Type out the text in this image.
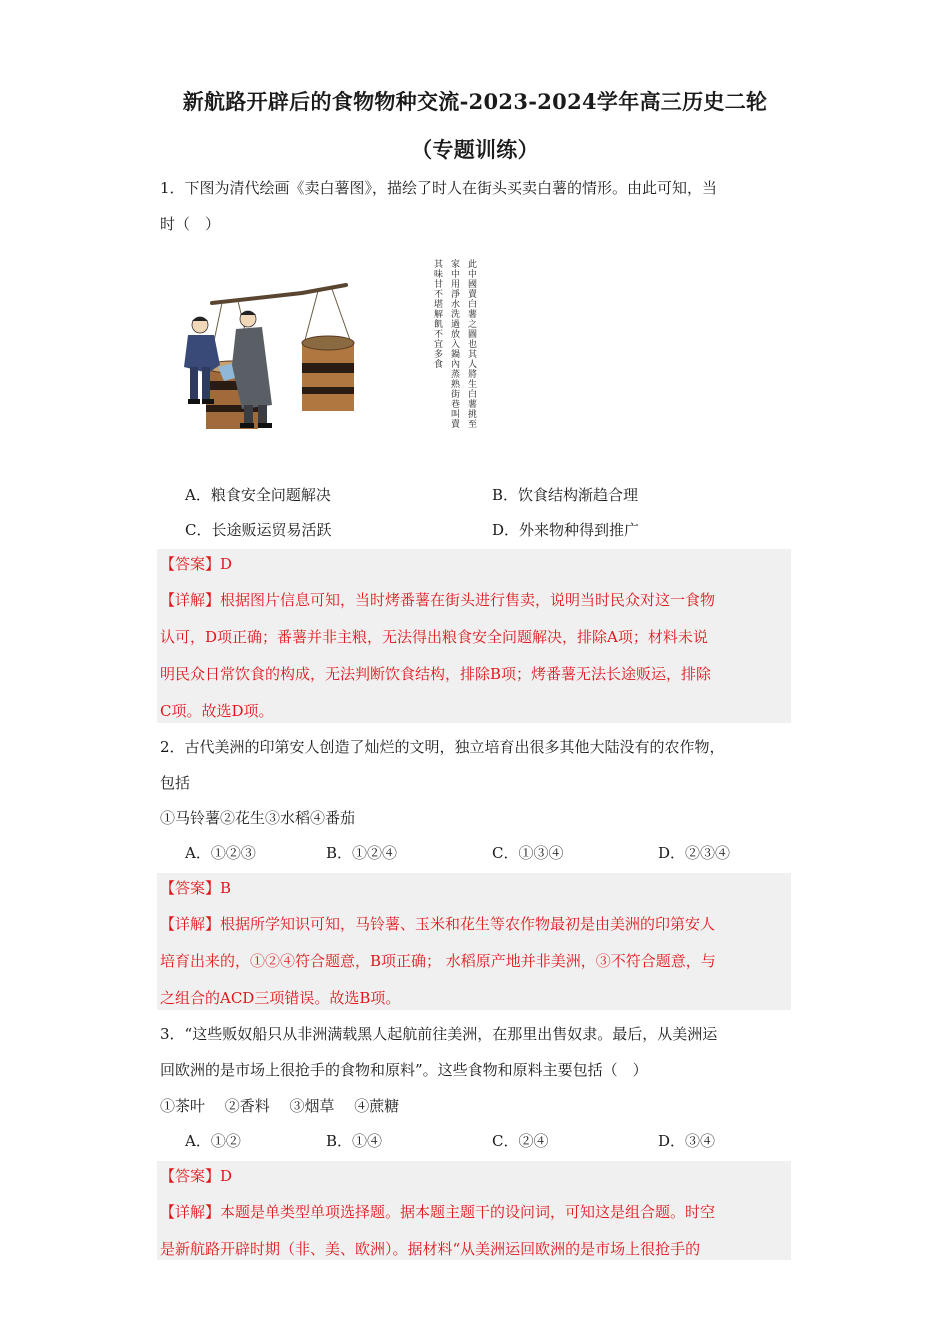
新航路开辟后的食物物种交流-2023-2024学年高三历史二轮
（专题训练）
1．下图为清代绘画《卖白薯图》，描绘了时人在街头买卖白薯的情形。由此可知，当
时（　）
此中國賣白薯之圖也其人將生白薯挑至
家中用淨水洗過放入鍋內蒸熟街巷叫賣
其味甘不堪解飢不宜多食
A．粮食安全问题解决	B．饮食结构渐趋合理
C．长途贩运贸易活跃	D．外来物种得到推广
【答案】D
【详解】根据图片信息可知，当时烤番薯在街头进行售卖，说明当时民众对这一食物
认可，D项正确；番薯并非主粮，无法得出粮食安全问题解决，排除A项；材料未说
明民众日常饮食的构成，无法判断饮食结构，排除B项；烤番薯无法长途贩运，排除
C项。故选D项。
2．古代美洲的印第安人创造了灿烂的文明，独立培育出很多其他大陆没有的农作物，
包括
①马铃薯②花生③水稻④番茄
A．①②③	B．①②④	C．①③④	D．②③④
【答案】B
【详解】根据所学知识可知，马铃薯、玉米和花生等农作物最初是由美洲的印第安人
培育出来的，①②④符合题意，B项正确； 水稻原产地并非美洲，③不符合题意，与
之组合的ACD三项错误。故选B项。
3．“这些贩奴船只从非洲满载黑人起航前往美洲，在那里出售奴隶。最后，从美洲运
回欧洲的是市场上很抢手的食物和原料”。这些食物和原料主要包括（　）
①茶叶　 ②香料　 ③烟草　 ④蔗糖
A．①②	B．①④	C．②④	D．③④
【答案】D
【详解】本题是单类型单项选择题。据本题主题干的设问词，可知这是组合题。时空
是新航路开辟时期（非、美、欧洲）。据材料“从美洲运回欧洲的是市场上很抢手的
